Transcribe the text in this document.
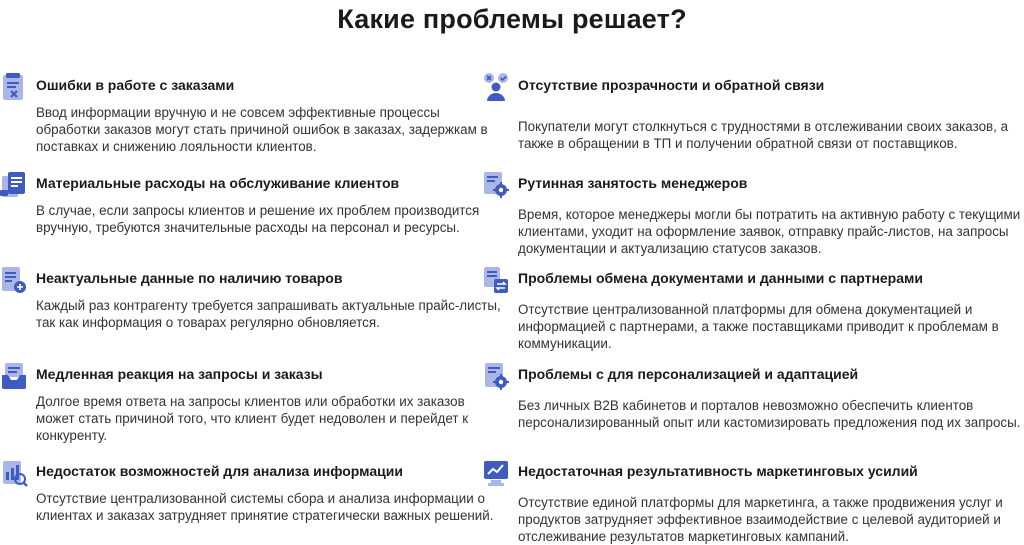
Какие проблемы решает?
Ошибки в работе с заказами
Ввод информации вручную и не совсем эффективные процессы обработки заказов могут стать причиной ошибок в заказах, задержкам в поставках и снижению лояльности клиентов.
Материальные расходы на обслуживание клиентов
В случае, если запросы клиентов и решение их проблем производится вручную, требуются значительные расходы на персонал и ресурсы.
Неактуальные данные по наличию товаров
Каждый раз контрагенту требуется запрашивать актуальные прайс-листы, так как информация о товарах регулярно обновляется.
Медленная реакция на запросы и заказы
Долгое время ответа на запросы клиентов или обработки их заказов может стать причиной того, что клиент будет недоволен и перейдет к конкуренту.
Недостаток возможностей для анализа информации
Отсутствие централизованной системы сбора и анализа информации о клиентах и заказах затрудняет принятие стратегически важных решений.
Отсутствие прозрачности и обратной связи
Покупатели могут столкнуться с трудностями в отслеживании своих заказов, а также в обращении в ТП и получении обратной связи от поставщиков.
Рутинная занятость менеджеров
Время, которое менеджеры могли бы потратить на активную работу с текущими клиентами, уходит на оформление заявок, отправку прайс-листов, на запросы документации и актуализацию статусов заказов.
Проблемы обмена документами и данными с партнерами
Отсутствие централизованной платформы для обмена документацией и информацией с партнерами, а также поставщиками приводит к проблемам в коммуникации.
Проблемы с для персонализацией и адаптацией
Без личных B2B кабинетов и порталов невозможно обеспечить клиентов персонализированный опыт или кастомизировать предложения под их запросы.
Недостаточная результативность маркетинговых усилий
Отсутствие единой платформы для маркетинга, а также продвижения услуг и продуктов затрудняет эффективное взаимодействие с целевой аудиторией и отслеживание результатов маркетинговых кампаний.
